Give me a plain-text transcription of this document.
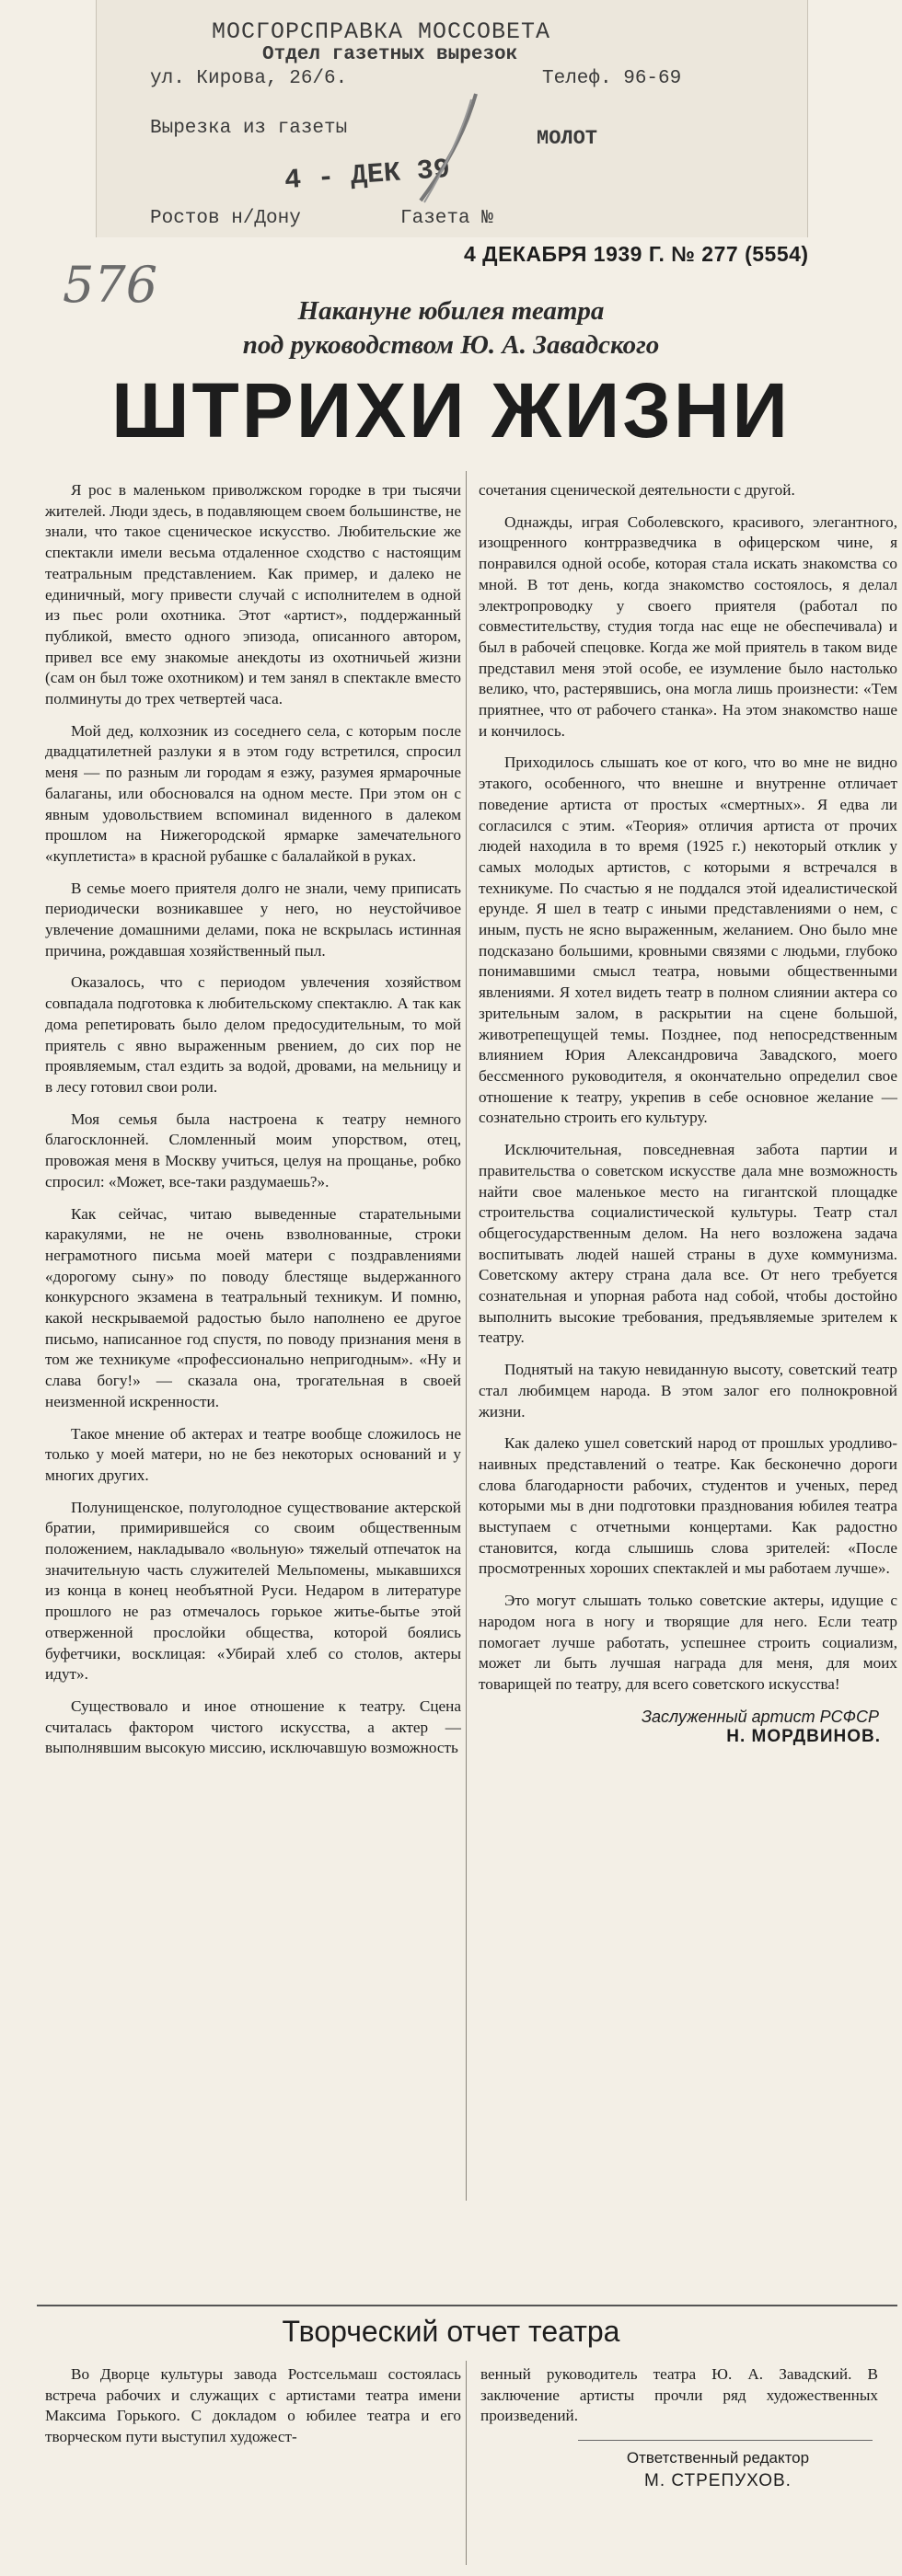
МОСГОРСПРАВКА МОССОВЕТА
Отдел газетных вырезок
ул. Кирова, 26/6.	Телеф. 96-69
Вырезка из газеты	МОЛОТ
4 - ДЕК 39
Ростов н/Дону	Газета №
576
4 ДЕКАБРЯ 1939 Г. № 277 (5554)
Накануне юбилея театра
под руководством Ю. А. Завадского
ШТРИХИ ЖИЗНИ

Я рос в маленьком приволжском городке в три тысячи жителей. Люди здесь, в подавляющем своем большинстве, не знали, что такое сценическое искусство. Любительские же спектакли имели весьма отдаленное сходство с настоящим театральным представлением. Как пример, и далеко не единичный, могу привести случай с исполнителем в одной из пьес роли охотника. Этот «артист», поддержанный публикой, вместо одного эпизода, описанного автором, привел все ему знакомые анекдоты из охотничьей жизни (сам он был тоже охотником) и тем занял в спектакле вместо полминуты до трех четвертей часа.

Мой дед, колхозник из соседнего села, с которым после двадцатилетней разлуки я в этом году встретился, спросил меня — по разным ли городам я езжу, разумея ярмарочные балаганы, или обосновался на одном месте. При этом он с явным удовольствием вспоминал виденного в далеком прошлом на Нижегородской ярмарке замечательного «куплетиста» в красной рубашке с балалайкой в руках.

В семье моего приятеля долго не знали, чему приписать периодически возникавшее у него, но неустойчивое увлечение домашними делами, пока не вскрылась истинная причина, рождавшая хозяйственный пыл.

Оказалось, что с периодом увлечения хозяйством совпадала подготовка к любительскому спектаклю. А так как дома репетировать было делом предосудительным, то мой приятель с явно выраженным рвением, до сих пор не проявляемым, стал ездить за водой, дровами, на мельницу и в лесу готовил свои роли.

Моя семья была настроена к театру немного благосклонней. Сломленный моим упорством, отец, провожая меня в Москву учиться, целуя на прощанье, робко спросил: «Может, все-таки раздумаешь?».

Как сейчас, читаю выведенные старательными каракулями, не не очень взволнованные, строки неграмотного письма моей матери с поздравлениями «дорогому сыну» по поводу блестяще выдержанного конкурсного экзамена в театральный техникум. И помню, какой нескрываемой радостью было наполнено ее другое письмо, написанное год спустя, по поводу признания меня в том же техникуме «профессионально непригодным». «Ну и слава богу!» — сказала она, трогательная в своей неизменной искренности.

Такое мнение об актерах и театре вообще сложилось не только у моей матери, но не без некоторых оснований и у многих других.

Полунищенское, полуголодное существование актерской братии, примирившейся со своим общественным положением, накладывало «вольную» тяжелый отпечаток на значительную часть служителей Мельпомены, мыкавшихся из конца в конец необъятной Руси. Недаром в литературе прошлого не раз отмечалось горькое житье-бытье этой отверженной прослойки общества, которой боялись буфетчики, восклицая: «Убирай хлеб со столов, актеры идут».

Существовало и иное отношение к театру. Сцена считалась фактором чистого искусства, а актер — выполнявшим высокую миссию, исключавшую возможность

сочетания сценической деятельности с другой.

Однажды, играя Соболевского, красивого, элегантного, изощренного контрразведчика в офицерском чине, я понравился одной особе, которая стала искать знакомства со мной. В тот день, когда знакомство состоялось, я делал электропроводку у своего приятеля (работал по совместительству, студия тогда нас еще не обеспечивала) и был в рабочей спецовке. Когда же мой приятель в таком виде представил меня этой особе, ее изумление было настолько велико, что, растерявшись, она могла лишь произнести: «Тем приятнее, что от рабочего станка». На этом знакомство наше и кончилось.

Приходилось слышать кое от кого, что во мне не видно этакого, особенного, что внешне и внутренне отличает поведение артиста от простых «смертных». Я едва ли согласился с этим. «Теория» отличия артиста от прочих людей находила в то время (1925 г.) некоторый отклик у самых молодых артистов, с которыми я встречался в техникуме. По счастью я не поддался этой идеалистической ерунде. Я шел в театр с иными представлениями о нем, с иным, пусть не ясно выраженным, желанием. Оно было мне подсказано большими, кровными связями с людьми, глубоко понимавшими смысл театра, новыми общественными явлениями. Я хотел видеть театр в полном слиянии актера со зрительным залом, в раскрытии на сцене большой, животрепещущей темы. Позднее, под непосредственным влиянием Юрия Александровича Завадского, моего бессменного руководителя, я окончательно определил свое отношение к театру, укрепив в себе основное желание — сознательно строить его культуру.

Исключительная, повседневная забота партии и правительства о советском искусстве дала мне возможность найти свое маленькое место на гигантской площадке строительства социалистической культуры. Театр стал общегосударственным делом. На него возложена задача воспитывать людей нашей страны в духе коммунизма. Советскому актеру страна дала все. От него требуется сознательная и упорная работа над собой, чтобы достойно выполнить высокие требования, предъявляемые зрителем к театру.

Поднятый на такую невиданную высоту, советский театр стал любимцем народа. В этом залог его полнокровной жизни.

Как далеко ушел советский народ от прошлых уродливо-наивных представлений о театре. Как бесконечно дороги слова благодарности рабочих, студентов и ученых, перед которыми мы в дни подготовки празднования юбилея театра выступаем с отчетными концертами. Как радостно становится, когда слышишь слова зрителей: «После просмотренных хороших спектаклей и мы работаем лучше».

Это могут слышать только советские актеры, идущие с народом нога в ногу и творящие для него. Если театр помогает лучше работать, успешнее строить социализм, может ли быть лучшая награда для меня, для моих товарищей по театру, для всего советского искусства!

Заслуженный артист РСФСР
Н. МОРДВИНОВ.
Творческий отчет театра

Во Дворце культуры завода Ростсельмаш состоялась встреча рабочих и служащих с артистами театра имени Максима Горького. С докладом о юбилее театра и его творческом пути выступил художест-

венный руководитель театра Ю. А. Завадский. В заключение артисты прочли ряд художественных произведений.

Ответственный редактор
М. СТРЕПУХОВ.
